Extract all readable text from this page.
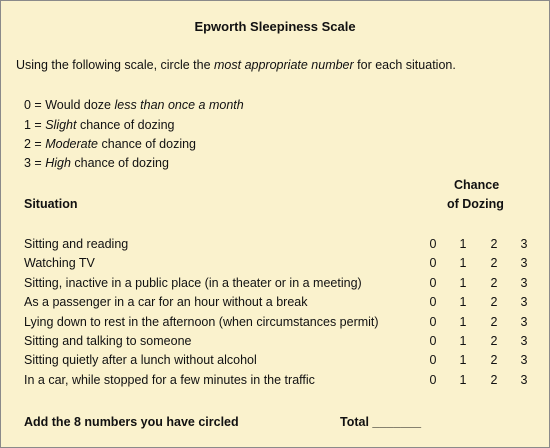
Epworth Sleepiness Scale
Using the following scale, circle the most appropriate number for each situation.
0 = Would doze less than once a month
1 = Slight chance of dozing
2 = Moderate chance of dozing
3 = High chance of dozing
Chance
of Dozing
Situation
Sitting and reading	0 1 2 3
Watching TV	0 1 2 3
Sitting, inactive in a public place (in a theater or in a meeting)	0 1 2 3
As a passenger in a car for an hour without a break	0 1 2 3
Lying down to rest in the afternoon (when circumstances permit)	0 1 2 3
Sitting and talking to someone	0 1 2 3
Sitting quietly after a lunch without alcohol	0 1 2 3
In a car, while stopped for a few minutes in the traffic	0 1 2 3
Add the 8 numbers you have circled	Total _______
